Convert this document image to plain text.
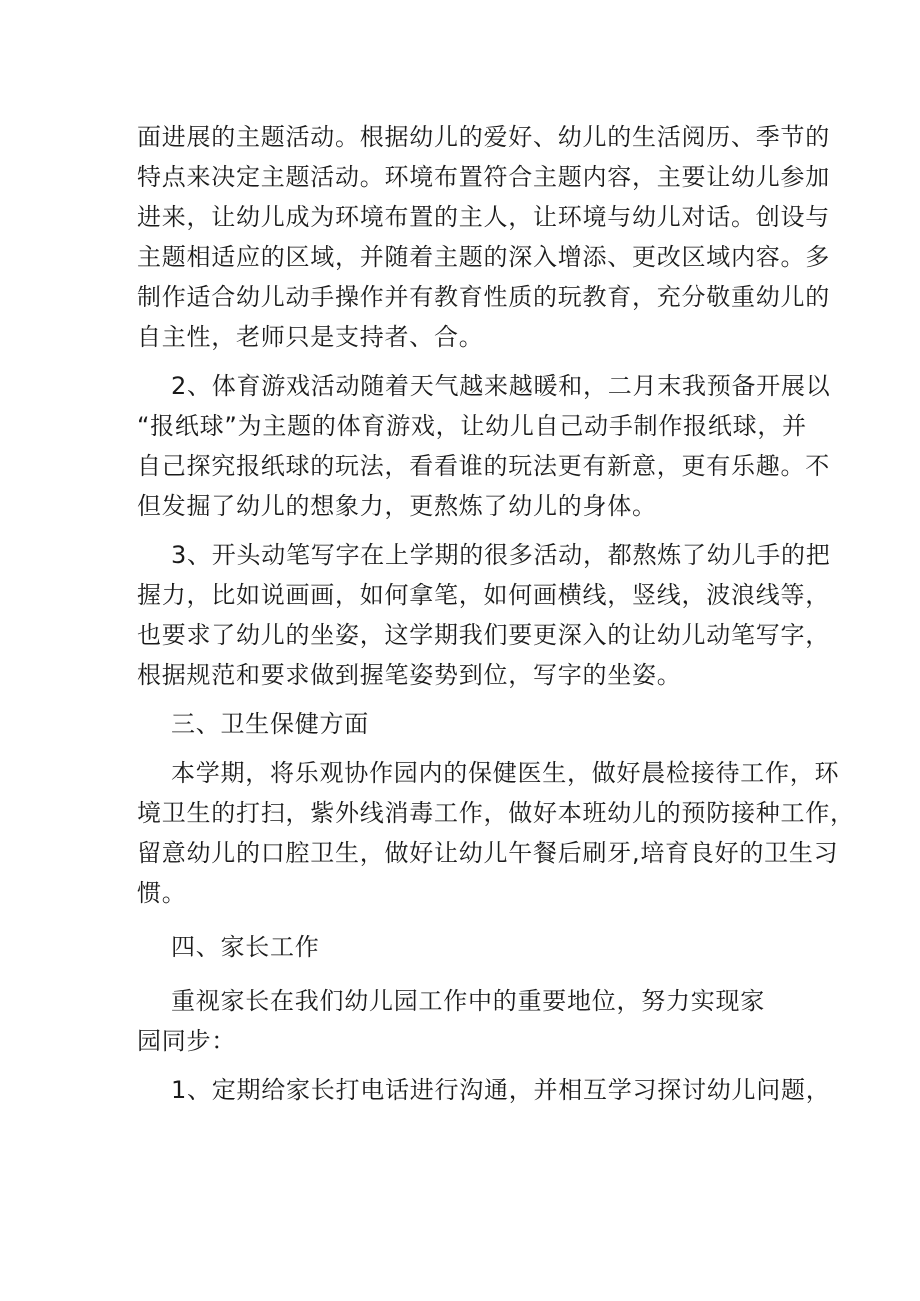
面进展的主题活动。根据幼儿的爱好、幼儿的生活阅历、季节的
特点来决定主题活动。环境布置符合主题内容，主要让幼儿参加
进来，让幼儿成为环境布置的主人，让环境与幼儿对话。创设与
主题相适应的区域，并随着主题的深入增添、更改区域内容。多
制作适合幼儿动手操作并有教育性质的玩教育，充分敬重幼儿的
自主性，老师只是支持者、合。
2、体育游戏活动随着天气越来越暖和，二月末我预备开展以
“报纸球”为主题的体育游戏，让幼儿自己动手制作报纸球，并
自己探究报纸球的玩法，看看谁的玩法更有新意，更有乐趣。不
但发掘了幼儿的想象力，更熬炼了幼儿的身体。
3、开头动笔写字在上学期的很多活动，都熬炼了幼儿手的把
握力，比如说画画，如何拿笔，如何画横线，竖线，波浪线等，
也要求了幼儿的坐姿，这学期我们要更深入的让幼儿动笔写字，
根据规范和要求做到握笔姿势到位，写字的坐姿。
三、卫生保健方面
本学期，将乐观协作园内的保健医生，做好晨检接待工作，环
境卫生的打扫，紫外线消毒工作，做好本班幼儿的预防接种工作，
留意幼儿的口腔卫生，做好让幼儿午餐后刷牙,培育良好的卫生习
惯。
四、家长工作
重视家长在我们幼儿园工作中的重要地位，努力实现家
园同步：
1、定期给家长打电话进行沟通，并相互学习探讨幼儿问题，
